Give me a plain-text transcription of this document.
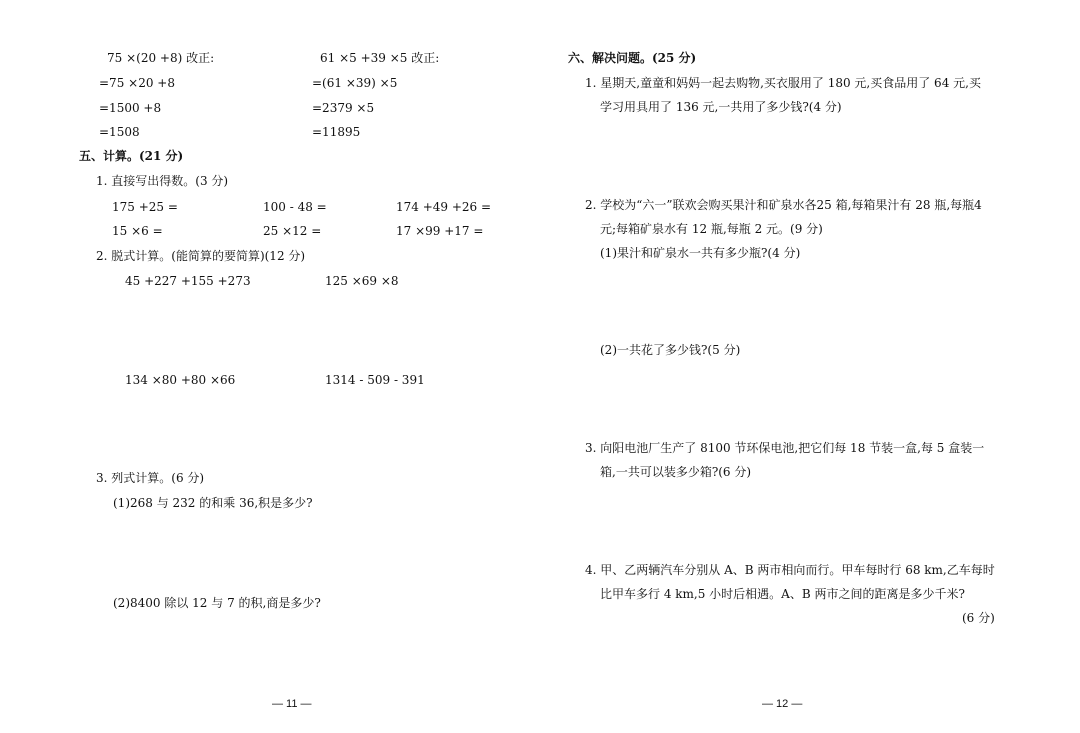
75 ×(20 +8) 改正:
=75 ×20 +8
=1500 +8
=1508
61 ×5 +39 ×5 改正:
=(61 ×39) ×5
=2379 ×5
=11895
五、计算。(21 分)
1. 直接写出得数。(3 分)
175 +25 =	100 - 48 =	174 +49 +26 =
15 ×6 =	25 ×12 =	17 ×99 +17 =
2. 脱式计算。(能简算的要简算)(12 分)
45 +227 +155 +273	125 ×69 ×8
134 ×80 +80 ×66	1314 - 509 - 391
3. 列式计算。(6 分)
(1)268 与 232 的和乘 36,积是多少?
(2)8400 除以 12 与 7 的积,商是多少?
— 11 —
六、解决问题。(25 分)
1. 星期天,童童和妈妈一起去购物,买衣服用了 180 元,买食品用了 64 元,买
学习用具用了 136 元,一共用了多少钱?(4 分)
2. 学校为“六一”联欢会购买果汁和矿泉水各25 箱,每箱果汁有 28 瓶,每瓶4
元;每箱矿泉水有 12 瓶,每瓶 2 元。(9 分)
(1)果汁和矿泉水一共有多少瓶?(4 分)
(2)一共花了多少钱?(5 分)
3. 向阳电池厂生产了 8100 节环保电池,把它们每 18 节装一盒,每 5 盒装一
箱,一共可以装多少箱?(6 分)
4. 甲、乙两辆汽车分别从 A、B 两市相向而行。甲车每时行 68 km,乙车每时
比甲车多行 4 km,5 小时后相遇。A、B 两市之间的距离是多少千米?
(6 分)
— 12 —
